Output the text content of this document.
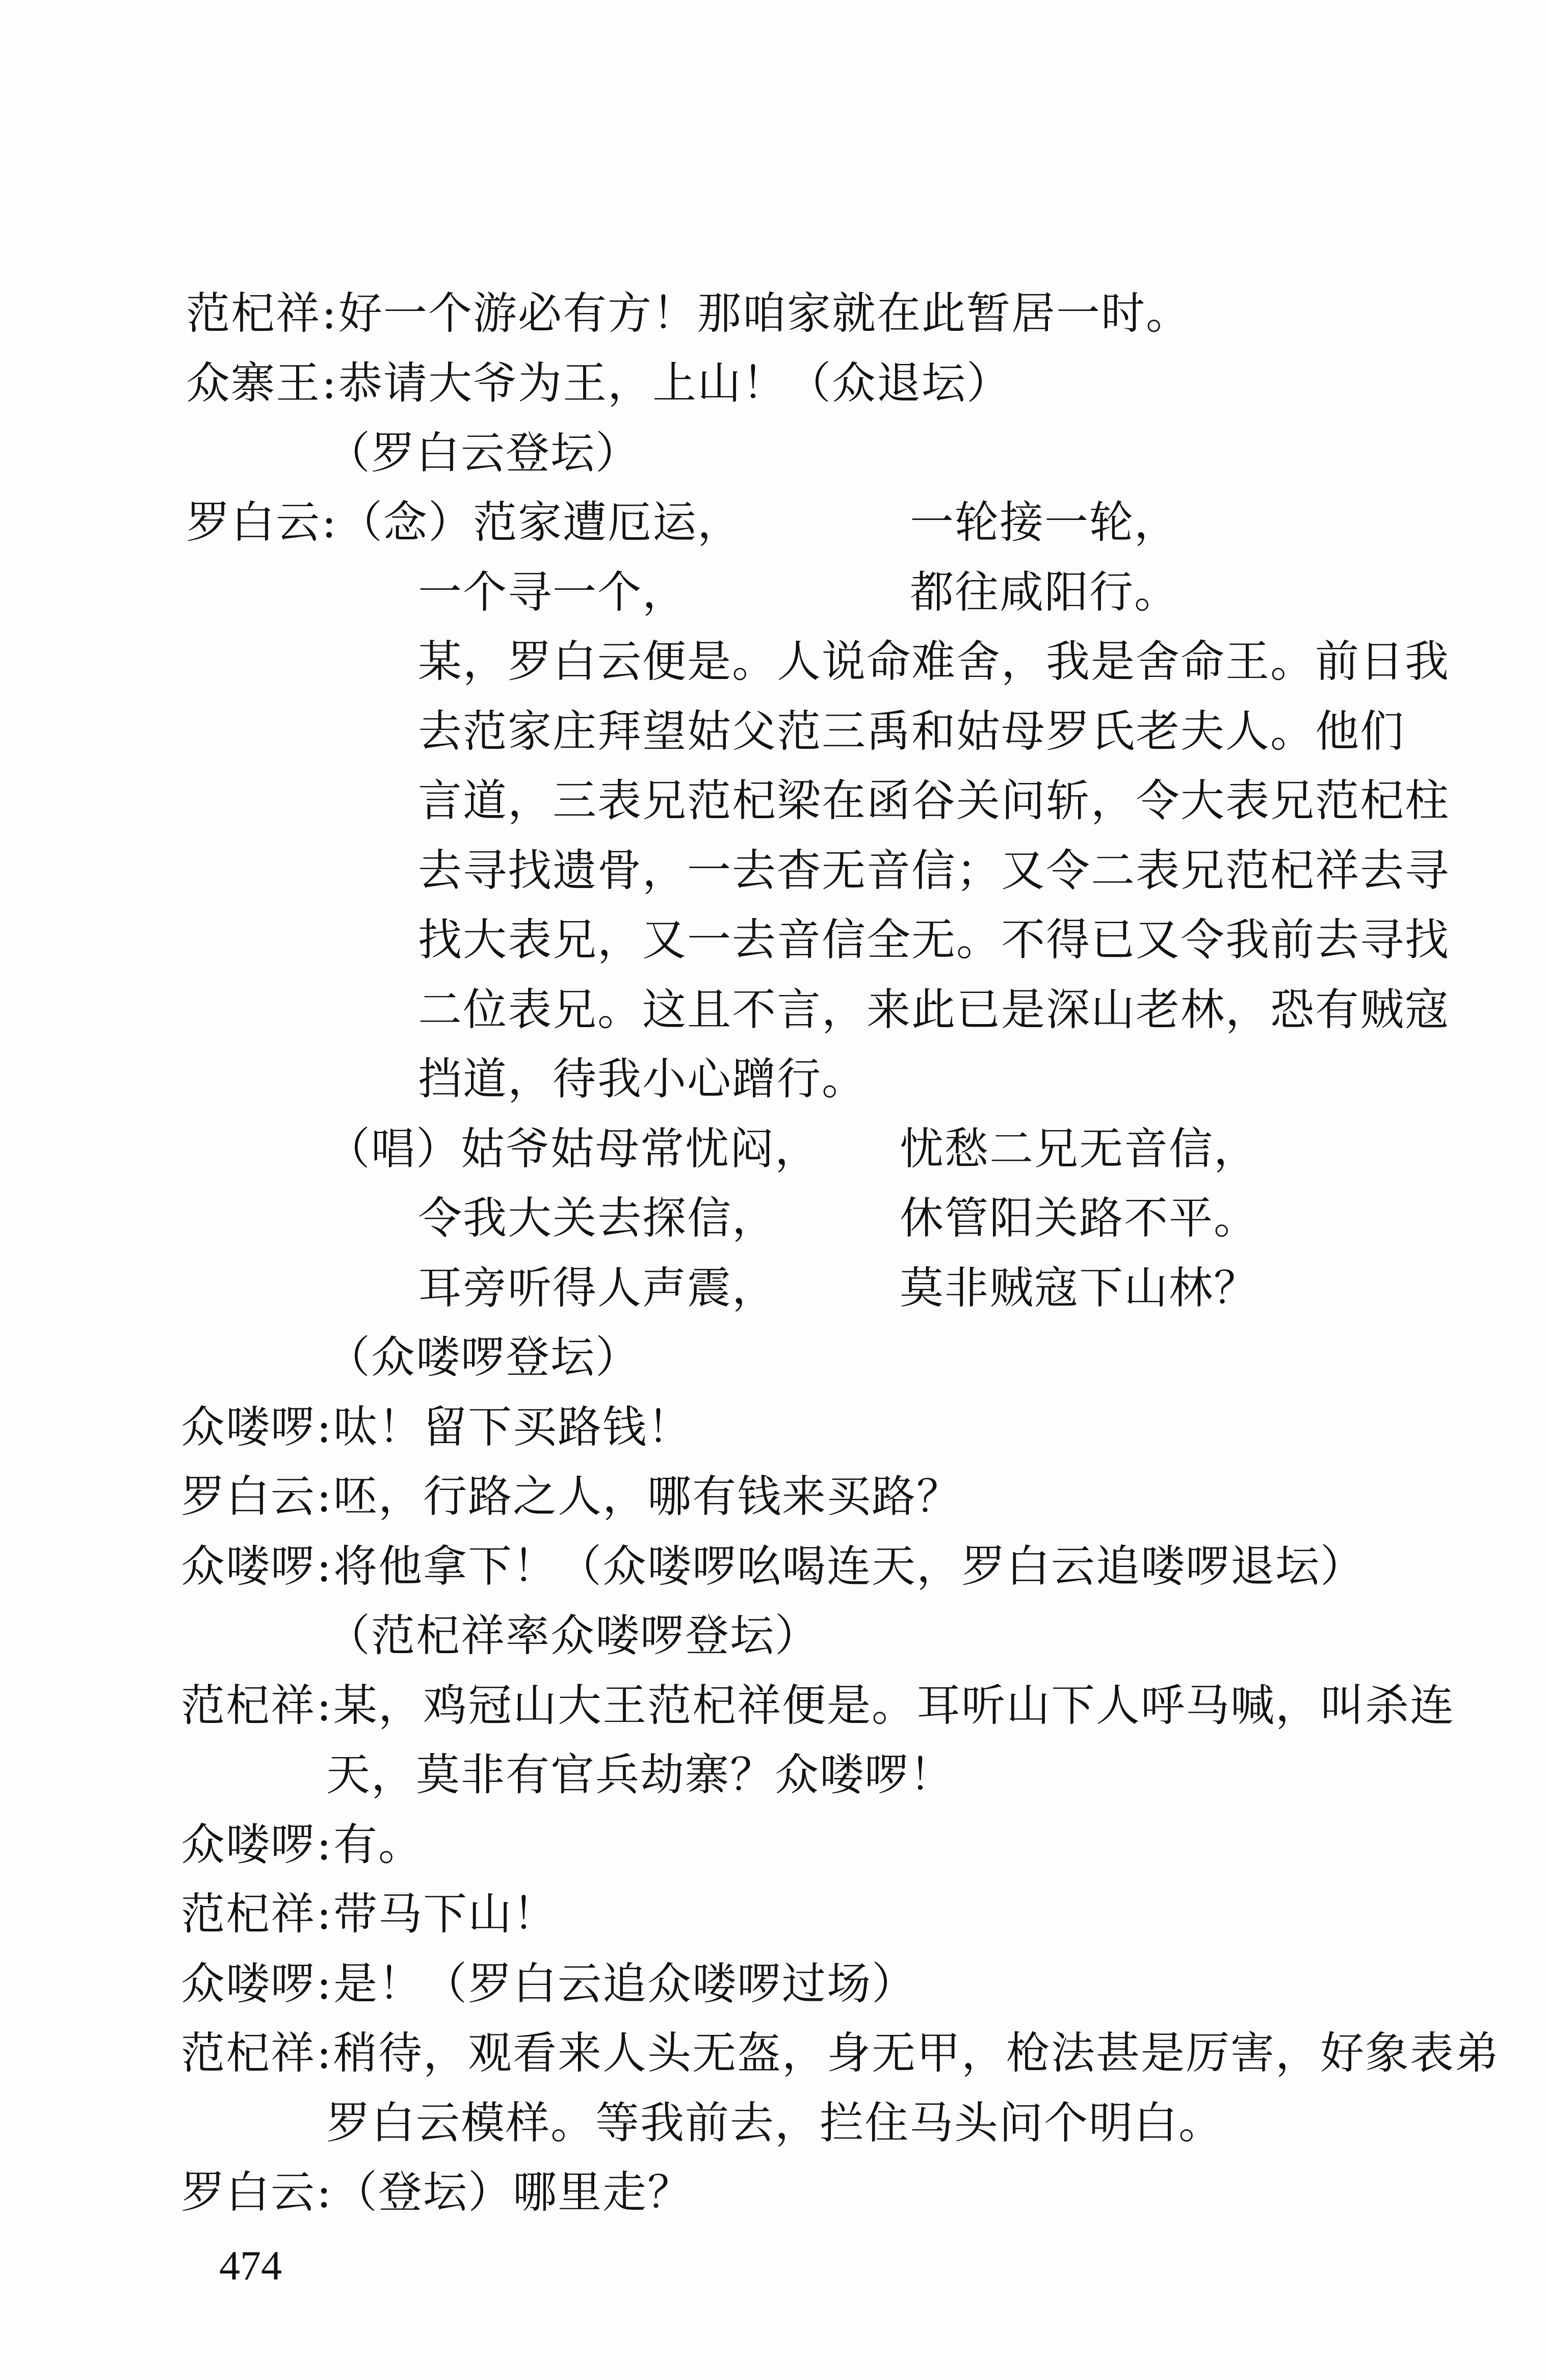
范杞祥:好一个游必有方！那咱家就在此暂居一时。
众寨王:恭请大爷为王，上山！（众退坛）
（罗白云登坛）
罗白云:（念）范家遭厄运，	一轮接一轮，
一个寻一个，	都往咸阳行。
某，罗白云便是。人说命难舍，我是舍命王。前日我
去范家庄拜望姑父范三禹和姑母罗氏老夫人。他们
言道，三表兄范杞梁在函谷关问斩，令大表兄范杞柱
去寻找遗骨，一去杳无音信；又令二表兄范杞祥去寻
找大表兄，又一去音信全无。不得已又令我前去寻找
二位表兄。这且不言，来此已是深山老林，恐有贼寇
挡道，待我小心蹭行。
（唱）姑爷姑母常忧闷， 忧愁二兄无音信，
令我大关去探信，	休管阳关路不平。
耳旁听得人声震，	莫非贼寇下山林？
（众喽啰登坛）
众喽啰:呔！留下买路钱！
罗白云:呸，行路之人，哪有钱来买路？
众喽啰:将他拿下！（众喽啰吆喝连天，罗白云追喽啰退坛）
（范杞祥率众喽啰登坛）
范杞祥:某，鸡冠山大王范杞祥便是。耳听山下人呼马喊，叫杀连
天，莫非有官兵劫寨？众喽啰！
众喽啰:有。
范杞祥:带马下山！
众喽啰:是！（罗白云追众喽啰过场）
范杞祥:稍待，观看来人头无盔，身无甲，枪法甚是厉害，好象表弟
罗白云模样。等我前去，拦住马头问个明白。
罗白云:（登坛）哪里走？
474
